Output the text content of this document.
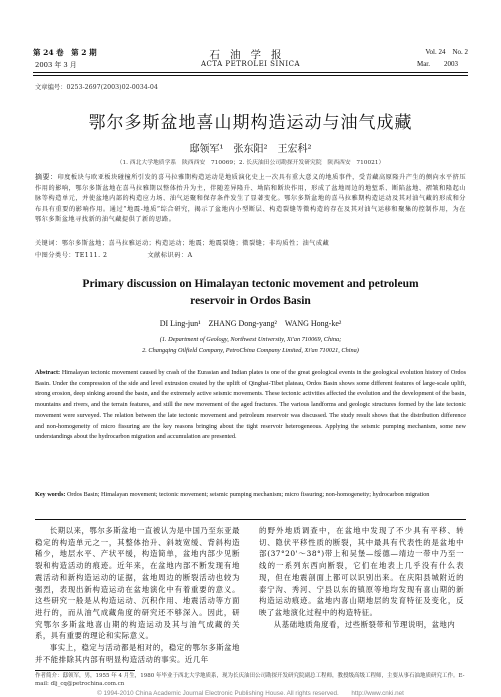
第 24 卷　第 2 期
2003 年 3 月
石油学报
ACTA PETROLEI SINICA
Vol. 24　No. 2
Mar.　　2003
文章编号：0253-2697(2003)02-0034-04
鄂尔多斯盆地喜山期构造运动与油气成藏
邸领军¹　张东阳²　王宏科²
（1. 西北大学地质学系　陕西西安　710069；2. 长庆油田公司勘探开发研究院　陕西西安　710021）
摘要：印度板块与欧亚板块碰撞所引发的喜马拉雅期构造运动是地质演化史上一次具有重大意义的地质事件，受青藏高原隆升产生的侧向水平挤压作用的影响，鄂尔多斯盆地在喜马拉雅期以整体抬升为主，伴随差异隆升、坳陷和断块作用，形成了盆地周边的地堑系、断陷盆地、褶皱和隆起山脉等构造单元，并使盆地内部的构造应力场、油气运聚和保存条件发生了显著变化。鄂尔多斯盆地的喜马拉雅期构造运动及其对油气藏的形成和分布具有重要的影响作用。通过“地震-地质”综合研究，揭示了盆地内小型断层、构造裂缝等微构造的存在及其对油气运移和聚集的控制作用，为在鄂尔多斯盆地寻找新的油气藏提供了新的思路。
关键词：鄂尔多斯盆地；喜马拉雅运动；构造运动；地震；地震裂缝；微裂缝；非均质性；油气成藏
中图分类号：TE111. 2	文献标识码：A
Primary discussion on Himalayan tectonic movement and petroleum
reservoir in Ordos Basin
DI Ling-jun¹　ZHANG Dong-yang²　WANG Hong-ke²
(1. Department of Geology, Northwest University, Xi'an 710069, China;
2. Changqing Oilfield Company, PetroChina Company Limited, Xi'an 710021, China)
Abstract: Himalayan tectonic movement caused by crash of the Eurasian and Indian plates is one of the great geological events in the geological evolution history of Ordos Basin. Under the compression of the side and level extrusion created by the uplift of Qinghai-Tibet plateau, Ordos Basin shows some different features of large-scale uplift, strong erosion, deep sinking around the basin, and the extremely active seismic movements. These tectonic activities affected the evolution and the development of the basin, mountains and rivers, and the terrain features, and still the new movement of the aged fractures. The various landforms and geologic structures formed by the late tectonic movement were surveyed. The relation between the late tectonic movement and petroleum reservoir was discussed. The study result shows that the distribution difference and non-homogeneity of micro fissuring are the key reasons bringing about the tight reservoir heterogeneous. Applying the seismic pumping mechanism, some new understandings about the hydrocarbon migration and accumulation are presented.
Key words: Ordos Basin; Himalayan movement; tectonic movement; seismic pumping mechanism; micro fissuring; non-homogeneity; hydrocarbon migration

长期以来，鄂尔多斯盆地一直被认为是中国乃至东亚最稳定的构造单元之一，其整体抬升、斜坡宽缓、背斜构造稀少，地层水平、产状平缓，构造简单，盆地内部少见断裂和构造活动的痕迹。近年来，在盆地内部不断发现有地震活动和新构造运动的证据，盆地周边的断裂活动也较为强烈，表现出新构造运动在盆地演化中有着重要的意义。这些研究一般是从构造运动、沉积作用、地震活动等方面进行的，而从油气成藏角度的研究还不够深入。因此，研究鄂尔多斯盆地喜山期的构造运动及其与油气成藏的关系，具有重要的理论和实际意义。

事实上，稳定与活动都是相对的，稳定的鄂尔多斯盆地并不能排除其内部有明显构造活动的事实。近几年

的野外地质调查中，在盆地中发现了不少具有平移、转切、隐伏平移性质的断裂，其中最具有代表性的是盆地中部(37°20'～38°)带上和吴堡—绥德—靖边一带中乃至一线的一系列东西向断裂，它们在地表上几乎没有什么表现，但在地震剖面上都可以识别出来。在庆阳县城附近的泰宁沟、秀河、宁县以东的镇原等地均发现有喜山期的新构造运动痕迹。盆地内喜山期地层的发育特征及变化，反映了盆地演化过程中的构造特征。

从基础地质角度看，过些断裂带和节理说明，盆地内

作者简介：邸领军，男，1955 年 4 月生，1980 年毕业于西北大学地质系，现为长庆油田公司勘探开发研究院副总工程师，教授级高级工程师，主要从事石油地质研究工作。E-mail: dlj_cq@petrochina.com.cn
© 1994-2010 China Academic Journal Electronic Publishing House. All rights reserved.　　http://www.cnki.net
